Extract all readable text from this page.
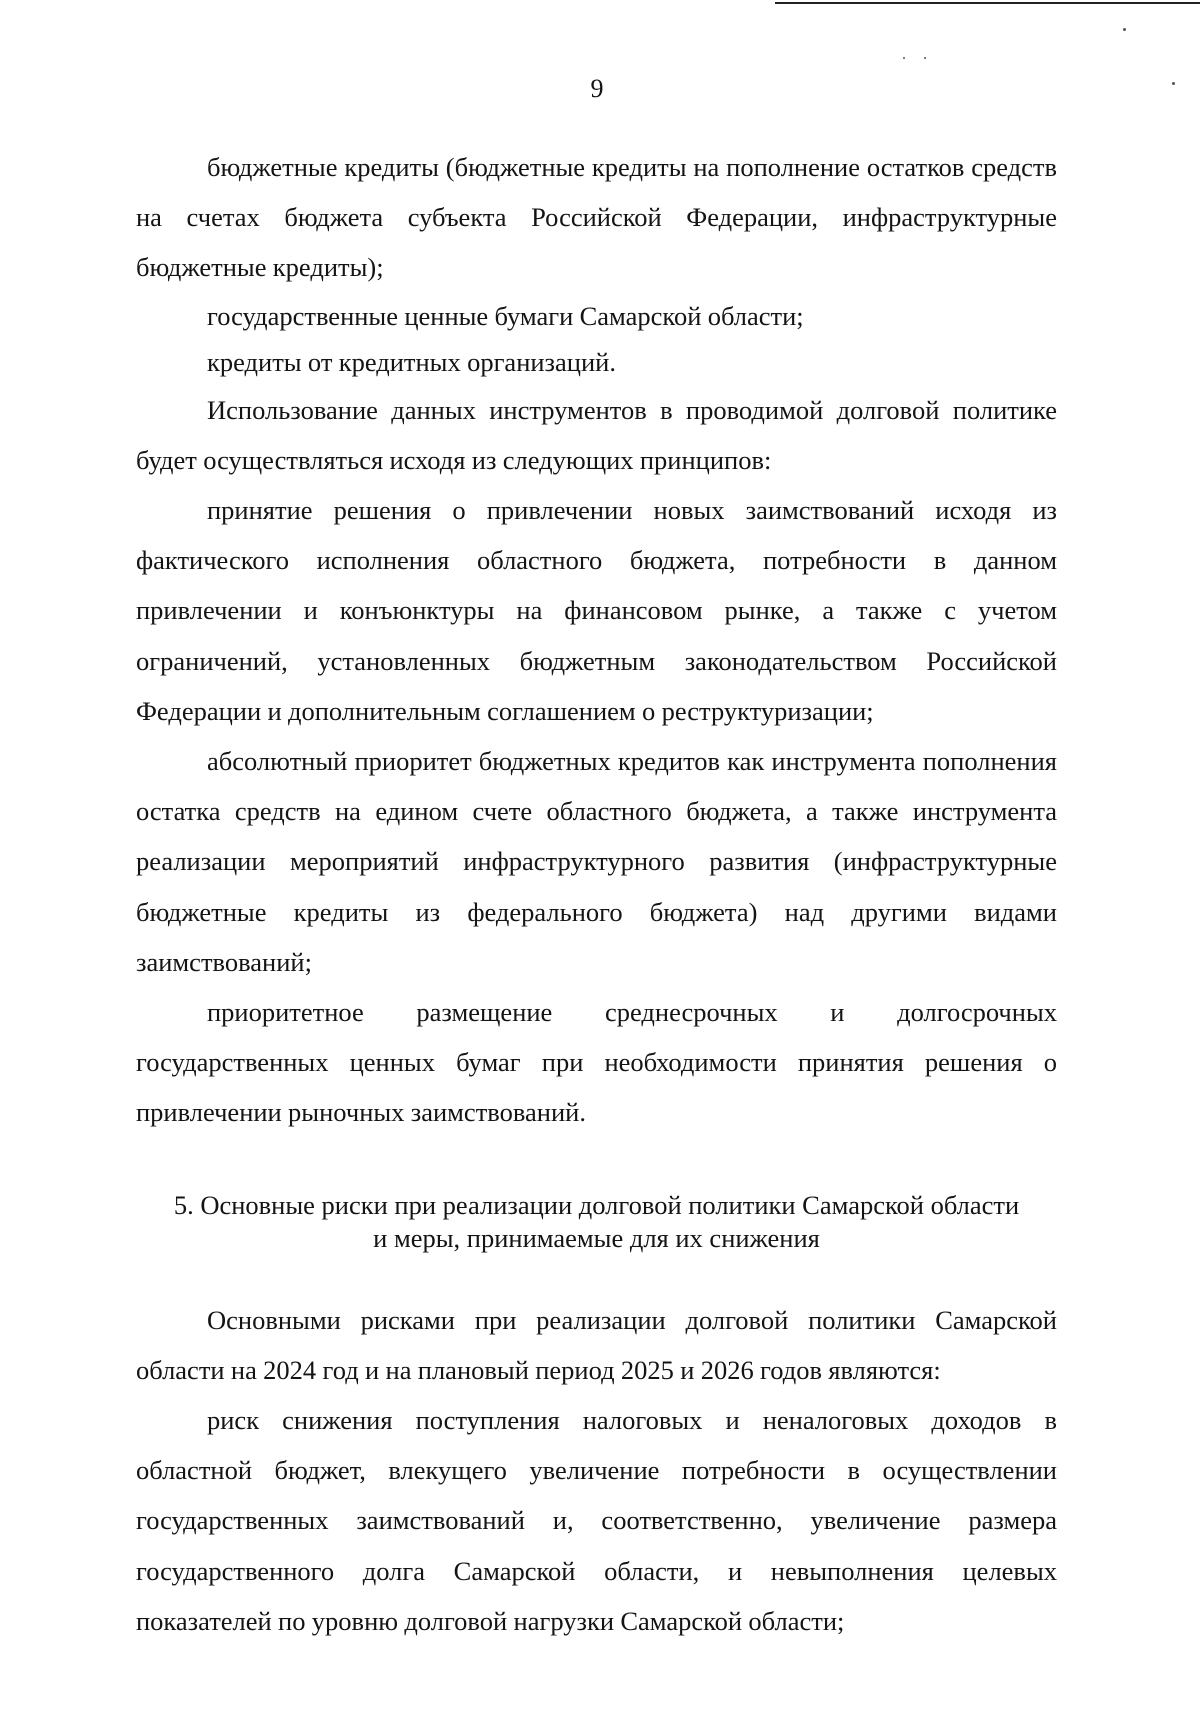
9

бюджетные кредиты (бюджетные кредиты на пополнение остатков средств на счетах бюджета субъекта Российской Федерации, инфраструктурные бюджетные кредиты);

государственные ценные бумаги Самарской области;

кредиты от кредитных организаций.

Использование данных инструментов в проводимой долговой политике будет осуществляться исходя из следующих принципов:

принятие решения о привлечении новых заимствований исходя из фактического исполнения областного бюджета, потребности в данном привлечении и конъюнктуры на финансовом рынке, а также с учетом ограничений, установленных бюджетным законодательством Российской Федерации и дополнительным соглашением о реструктуризации;

абсолютный приоритет бюджетных кредитов как инструмента пополнения остатка средств на едином счете областного бюджета, а также инструмента реализации мероприятий инфраструктурного развития (инфраструктурные бюджетные кредиты из федерального бюджета) над другими видами заимствований;

приоритетное размещение среднесрочных и долгосрочных государственных ценных бумаг при необходимости принятия решения о привлечении рыночных заимствований.

5. Основные риски при реализации долговой политики Самарской области
и меры, принимаемые для их снижения

Основными рисками при реализации долговой политики Самарской области на 2024 год и на плановый период 2025 и 2026 годов являются:

риск снижения поступления налоговых и неналоговых доходов в областной бюджет, влекущего увеличение потребности в осуществлении государственных заимствований и, соответственно, увеличение размера государственного долга Самарской области, и невыполнения целевых показателей по уровню долговой нагрузки Самарской области;
